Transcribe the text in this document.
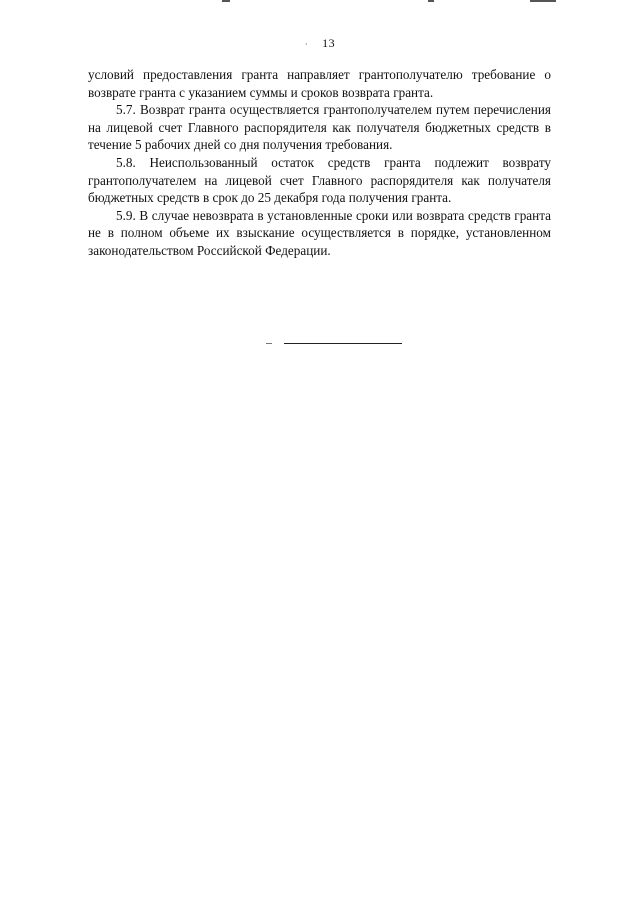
· 13

условий предоставления гранта направляет грантополучателю требование о возврате гранта с указанием суммы и сроков возврата гранта.

5.7. Возврат гранта осуществляется грантополучателем путем перечисления на лицевой счет Главного распорядителя как получателя бюджетных средств в течение 5 рабочих дней со дня получения требования.

5.8. Неиспользованный остаток средств гранта подлежит возврату грантополучателем на лицевой счет Главного распорядителя как получателя бюджетных средств в срок до 25 декабря года получения гранта.

5.9. В случае невозврата в установленные сроки или возврата средств гранта не в полном объеме их взыскание осуществляется в порядке, установленном законодательством Российской Федерации.
